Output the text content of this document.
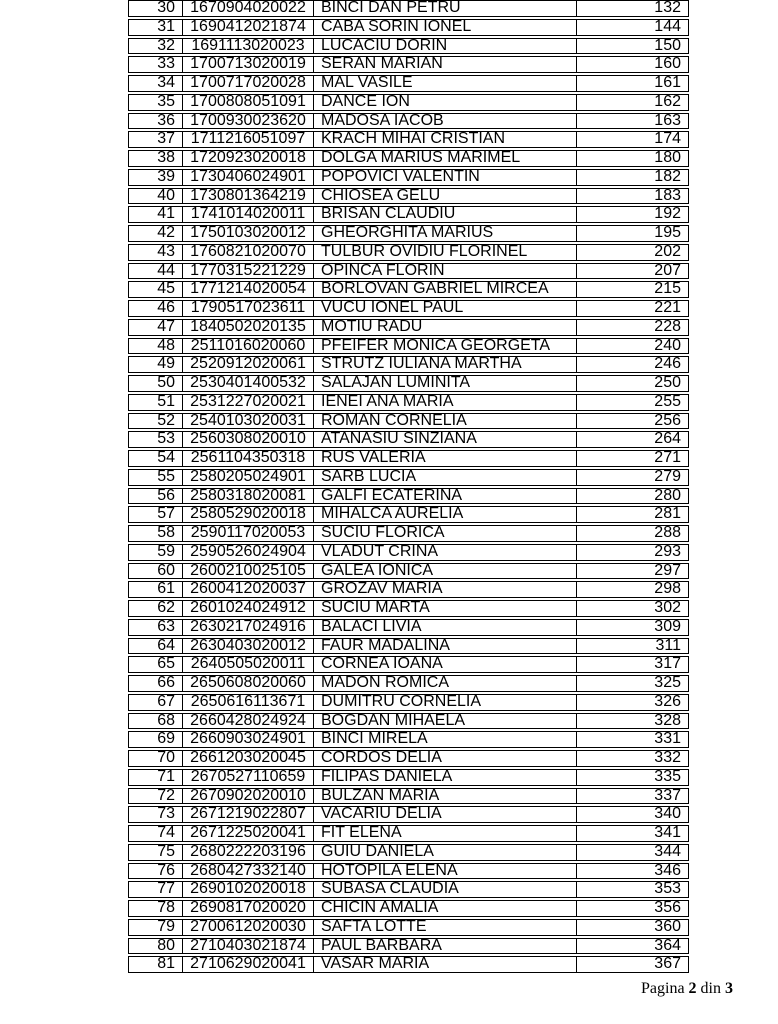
30	1670904020022	BINCI DAN PETRU	132
31	1690412021874	CABA SORIN IONEL	144
32	1691113020023	LUCACIU DORIN	150
33	1700713020019	SERAN MARIAN	160
34	1700717020028	MAL VASILE	161
35	1700808051091	DANCE ION	162
36	1700930023620	MADOSA IACOB	163
37	1711216051097	KRACH MIHAI CRISTIAN	174
38	1720923020018	DOLGA MARIUS MARIMEL	180
39	1730406024901	POPOVICI VALENTIN	182
40	1730801364219	CHIOSEA GELU	183
41	1741014020011	BRISAN CLAUDIU	192
42	1750103020012	GHEORGHITA MARIUS	195
43	1760821020070	TULBUR OVIDIU FLORINEL	202
44	1770315221229	OPINCA FLORIN	207
45	1771214020054	BORLOVAN GABRIEL MIRCEA	215
46	1790517023611	VUCU IONEL PAUL	221
47	1840502020135	MOTIU RADU	228
48	2511016020060	PFEIFER MONICA GEORGETA	240
49	2520912020061	STRUTZ IULIANA MARTHA	246
50	2530401400532	SALAJAN LUMINITA	250
51	2531227020021	IENEI ANA MARIA	255
52	2540103020031	ROMAN CORNELIA	256
53	2560308020010	ATANASIU SINZIANA	264
54	2561104350318	RUS VALERIA	271
55	2580205024901	SARB LUCIA	279
56	2580318020081	GALFI ECATERINA	280
57	2580529020018	MIHALCA AURELIA	281
58	2590117020053	SUCIU FLORICA	288
59	2590526024904	VLADUT CRINA	293
60	2600210025105	GALEA IONICA	297
61	2600412020037	GROZAV MARIA	298
62	2601024024912	SUCIU MARTA	302
63	2630217024916	BALACI LIVIA	309
64	2630403020012	FAUR MADALINA	311
65	2640505020011	CORNEA IOANA	317
66	2650608020060	MADON ROMICA	325
67	2650616113671	DUMITRU CORNELIA	326
68	2660428024924	BOGDAN MIHAELA	328
69	2660903024901	BINCI MIRELA	331
70	2661203020045	CORDOS DELIA	332
71	2670527110659	FILIPAS DANIELA	335
72	2670902020010	BULZAN MARIA	337
73	2671219022807	VACARIU DELIA	340
74	2671225020041	FIT ELENA	341
75	2680222203196	GUIU DANIELA	344
76	2680427332140	HOTOPILA ELENA	346
77	2690102020018	SUBASA CLAUDIA	353
78	2690817020020	CHICIN AMALIA	356
79	2700612020030	SAFTA LOTTE	360
80	2710403021874	PAUL BARBARA	364
81	2710629020041	VASAR MARIA	367
Pagina 2 din 3
